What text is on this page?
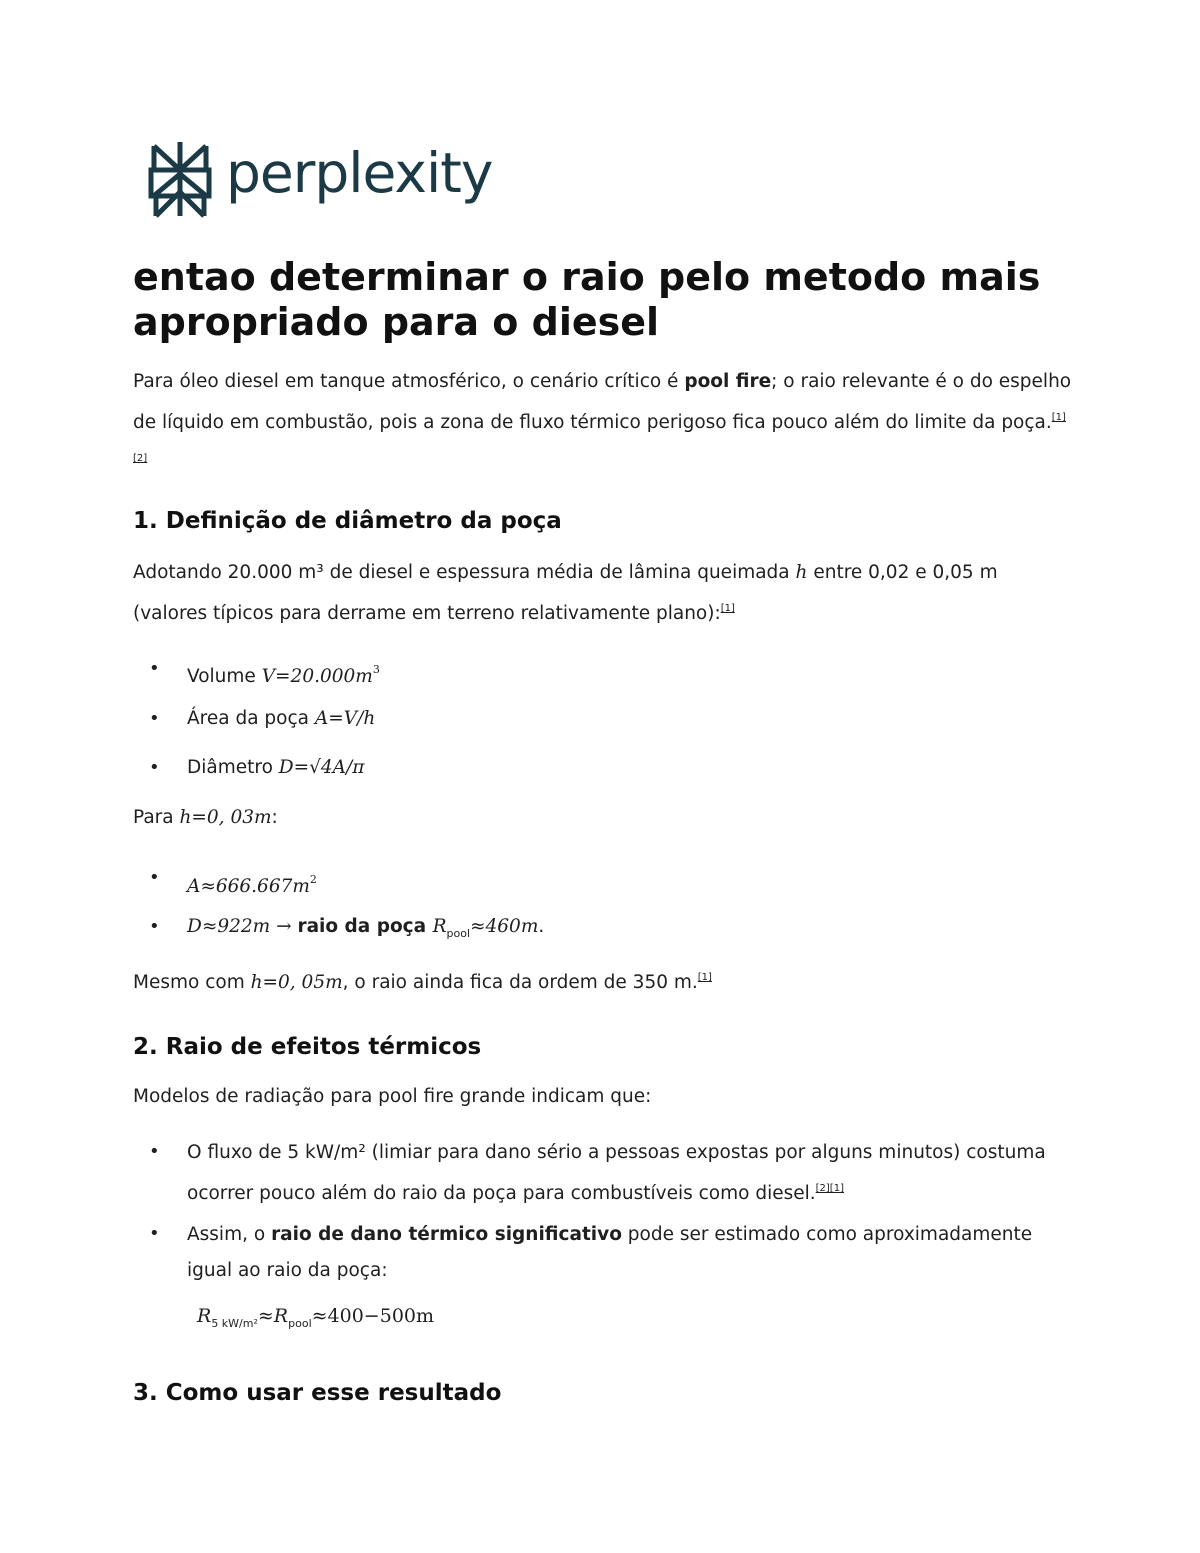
perplexity
entao determinar o raio pelo metodo mais apropriado para o diesel

Para óleo diesel em tanque atmosférico, o cenário crítico é pool fire; o raio relevante é o do espelho de líquido em combustão, pois a zona de fluxo térmico perigoso fica pouco além do limite da poça.[1][2]

1. Definição de diâmetro da poça

Adotando 20.000 m³ de diesel e espessura média de lâmina queimada h entre 0,02 e 0,05 m (valores típicos para derrame em terreno relativamente plano):[1]

• Volume $V=20.000m^3$
• Área da poça A=V/h
• Diâmetro D=√4A/π

Para h=0, 03m:

• $A\approx 666.667m^2$
• D≈922m → raio da poça $R_{pool}\approx 460m$.

Mesmo com h=0, 05m, o raio ainda fica da ordem de 350 m.[1]

2. Raio de efeitos térmicos

Modelos de radiação para pool fire grande indicam que:

• O fluxo de 5 kW/m² (limiar para dano sério a pessoas expostas por alguns minutos) costuma ocorrer pouco além do raio da poça para combustíveis como diesel.[2][1]
• Assim, o raio de dano térmico significativo pode ser estimado como aproximadamente igual ao raio da poça:
$R_{5 kW/m^2}\approx R_{pool}\approx 400-500m$
3. Como usar esse resultado
